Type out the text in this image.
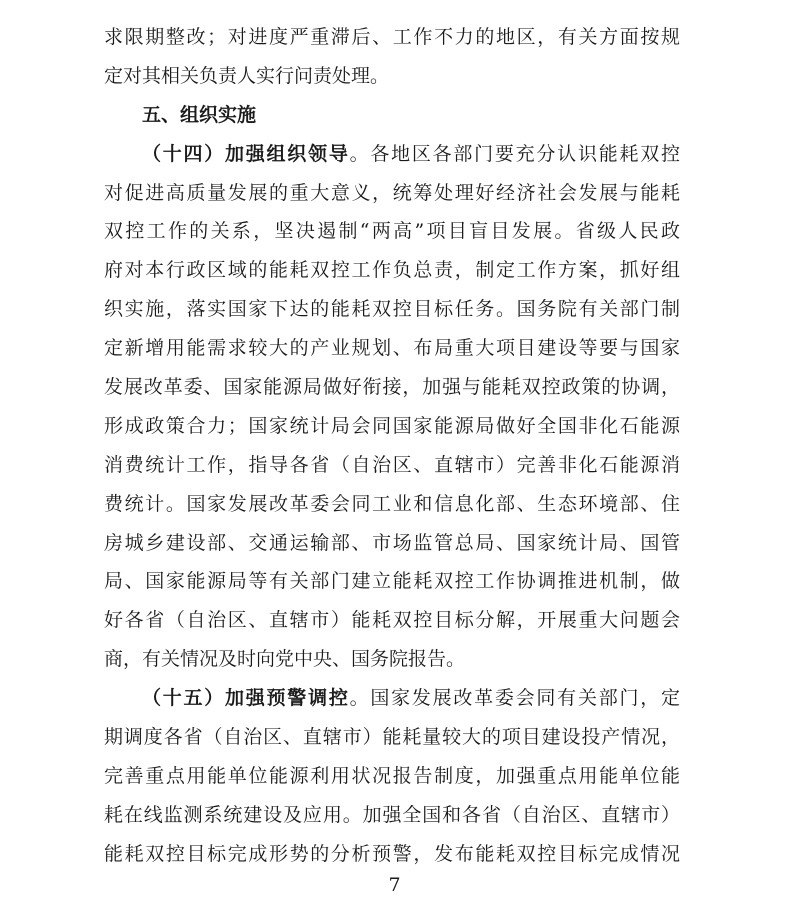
求限期整改；对进度严重滞后、工作不力的地区，有关方面按规
定对其相关负责人实行问责处理。
五、组织实施
（十四）加强组织领导。各地区各部门要充分认识能耗双控
对促进高质量发展的重大意义，统筹处理好经济社会发展与能耗
双控工作的关系，坚决遏制“两高”项目盲目发展。省级人民政
府对本行政区域的能耗双控工作负总责，制定工作方案，抓好组
织实施，落实国家下达的能耗双控目标任务。国务院有关部门制
定新增用能需求较大的产业规划、布局重大项目建设等要与国家
发展改革委、国家能源局做好衔接，加强与能耗双控政策的协调，
形成政策合力；国家统计局会同国家能源局做好全国非化石能源
消费统计工作，指导各省（自治区、直辖市）完善非化石能源消
费统计。国家发展改革委会同工业和信息化部、生态环境部、住
房城乡建设部、交通运输部、市场监管总局、国家统计局、国管
局、国家能源局等有关部门建立能耗双控工作协调推进机制，做
好各省（自治区、直辖市）能耗双控目标分解，开展重大问题会
商，有关情况及时向党中央、国务院报告。
（十五）加强预警调控。国家发展改革委会同有关部门，定
期调度各省（自治区、直辖市）能耗量较大的项目建设投产情况，
完善重点用能单位能源利用状况报告制度，加强重点用能单位能
耗在线监测系统建设及应用。加强全国和各省（自治区、直辖市）
能耗双控目标完成形势的分析预警，发布能耗双控目标完成情况
7
